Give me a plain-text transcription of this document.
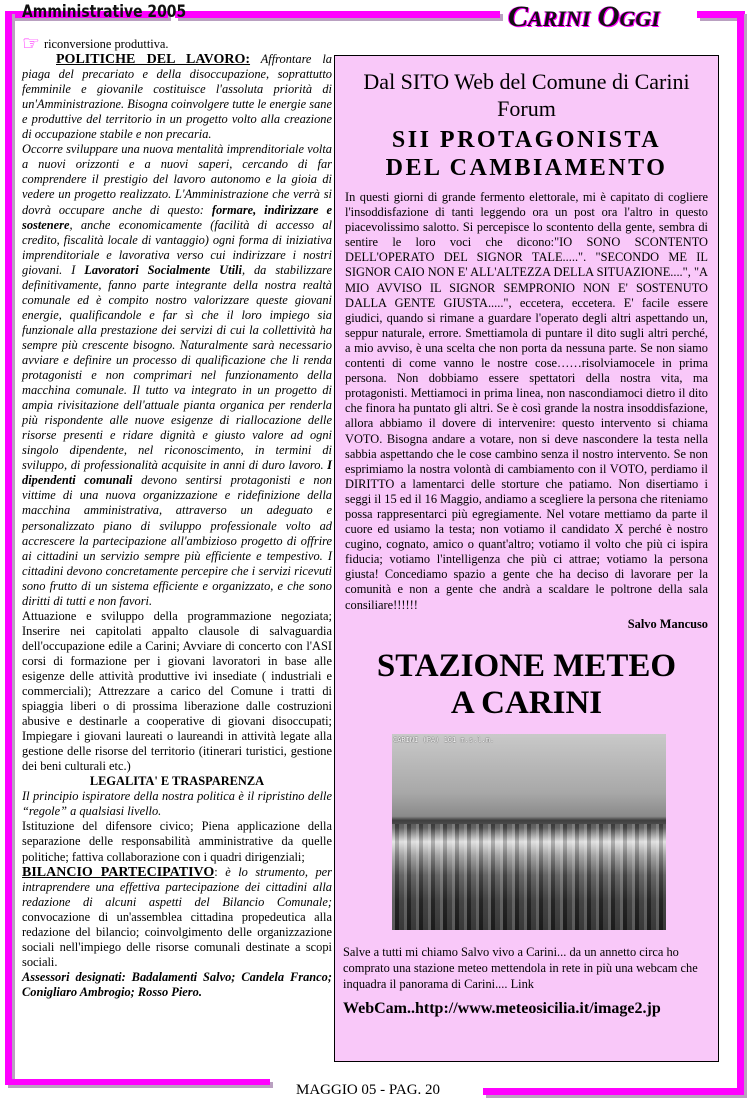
Amministrative 2005	CARINI OGGI

☞ riconversione produttiva.

POLITICHE DEL LAVORO: Affrontare la piaga del precariato e della disoccupazione, soprattutto femminile e giovanile costituisce l'assoluta priorità di un'Amministrazione. Bisogna coinvolgere tutte le energie sane e produttive del territorio in un progetto volto alla creazione di occupazione stabile e non precaria.

Occorre sviluppare una nuova mentalità imprenditoriale volta a nuovi orizzonti e a nuovi saperi, cercando di far comprendere il prestigio del lavoro autonomo e la gioia di vedere un progetto realizzato. L'Amministrazione che verrà si dovrà occupare anche di questo: formare, indirizzare e sostenere, anche economicamente (facilità di accesso al credito, fiscalità locale di vantaggio) ogni forma di iniziativa imprenditoriale e lavorativa verso cui indirizzare i nostri giovani. I Lavoratori Socialmente Utili, da stabilizzare definitivamente, fanno parte integrante della nostra realtà comunale ed è compito nostro valorizzare queste giovani energie, qualificandole e far sì che il loro impiego sia funzionale alla prestazione dei servizi di cui la collettività ha sempre più crescente bisogno. Naturalmente sarà necessario avviare e definire un processo di qualificazione che li renda protagonisti e non comprimari nel funzionamento della macchina comunale. Il tutto va integrato in un progetto di ampia rivisitazione dell'attuale pianta organica per renderla più rispondente alle nuove esigenze di riallocazione delle risorse presenti e ridare dignità e giusto valore ad ogni singolo dipendente, nel riconoscimento, in termini di sviluppo, di professionalità acquisite in anni di duro lavoro. I dipendenti comunali devono sentirsi protagonisti e non vittime di una nuova organizzazione e ridefinizione della macchina amministrativa, attraverso un adeguato e personalizzato piano di sviluppo professionale volto ad accrescere la partecipazione all'ambizioso progetto di offrire ai cittadini un servizio sempre più efficiente e tempestivo. I cittadini devono concretamente percepire che i servizi ricevuti sono frutto di un sistema efficiente e organizzato, e che sono diritti di tutti e non favori.

Attuazione e sviluppo della programmazione negoziata; Inserire nei capitolati appalto clausole di salvaguardia dell'occupazione edile a Carini; Avviare di concerto con l'ASI corsi di formazione per i giovani lavoratori in base alle esigenze delle attività produttive ivi insediate ( industriali e commerciali); Attrezzare a carico del Comune i tratti di spiaggia liberi o di prossima liberazione dalle costruzioni abusive e destinarle a cooperative di giovani disoccupati; Impiegare i giovani laureati o laureandi in attività legate alla gestione delle risorse del territorio (itinerari turistici, gestione dei beni culturali etc.)

LEGALITA' E TRASPARENZA

Il principio ispiratore della nostra politica è il ripristino delle “regole” a qualsiasi livello.

Istituzione del difensore civico; Piena applicazione della separazione delle responsabilità amministrative da quelle politiche; fattiva collaborazione con i quadri dirigenziali;

BILANCIO PARTECIPATIVO: è lo strumento, per intraprendere una effettiva partecipazione dei cittadini alla redazione di alcuni aspetti del Bilancio Comunale; convocazione di un'assemblea cittadina propedeutica alla redazione del bilancio; coinvolgimento delle organizzazione sociali nell'impiego delle risorse comunali destinate a scopi sociali.

Assessori designati: Badalamenti Salvo; Candela Franco; Conigliaro Ambrogio; Rosso Piero.

Dal SITO Web del Comune di Carini
Forum
SII PROTAGONISTA
DEL CAMBIAMENTO
In questi giorni di grande fermento elettorale, mi è capitato di cogliere l'insoddisfazione di tanti leggendo ora un post ora l'altro in questo piacevolissimo salotto. Si percepisce lo scontento della gente, sembra di sentire le loro voci che dicono:"IO SONO SCONTENTO DELL'OPERATO DEL SIGNOR TALE.....". "SECONDO ME IL SIGNOR CAIO NON E' ALL'ALTEZZA DELLA SITUAZIONE....", "A MIO AVVISO IL SIGNOR SEMPRONIO NON E' SOSTENUTO DALLA GENTE GIUSTA.....", eccetera, eccetera. E' facile essere giudici, quando si rimane a guardare l'operato degli altri aspettando un, seppur naturale, errore. Smettiamola di puntare il dito sugli altri perché, a mio avviso, è una scelta che non porta da nessuna parte. Se non siamo contenti di come vanno le nostre cose……risolviamocele in prima persona. Non dobbiamo essere spettatori della nostra vita, ma protagonisti. Mettiamoci in prima linea, non nascondiamoci dietro il dito che finora ha puntato gli altri. Se è così grande la nostra insoddisfazione, allora abbiamo il dovere di intervenire: questo intervento si chiama VOTO. Bisogna andare a votare, non si deve nascondere la testa nella sabbia aspettando che le cose cambino senza il nostro intervento. Se non esprimiamo la nostra volontà di cambiamento con il VOTO, perdiamo il DIRITTO a lamentarci delle storture che patiamo. Non disertiamo i seggi il 15 ed il 16 Maggio, andiamo a scegliere la persona che riteniamo possa rappresentarci più egregiamente. Nel votare mettiamo da parte il cuore ed usiamo la testa; non votiamo il candidato X perché è nostro cugino, cognato, amico o quant'altro; votiamo il volto che più ci ispira fiducia; votiamo l'intelligenza che più ci attrae; votiamo la persona giusta! Concediamo spazio a gente che ha deciso di lavorare per la comunità e non a gente che andrà a scaldare le poltrone della sala consiliare!!!!!!
Salvo Mancuso
STAZIONE METEO
A CARINI
CARINI (PA) 161 m.s.l.m.
Salve a tutti mi chiamo Salvo vivo a Carini... da un annetto circa ho comprato una stazione meteo mettendola in rete in più una webcam che inquadra il panorama di Carini.... Link
WebCam..http://www.meteosicilia.it/image2.jp
MAGGIO 05 - PAG. 20
